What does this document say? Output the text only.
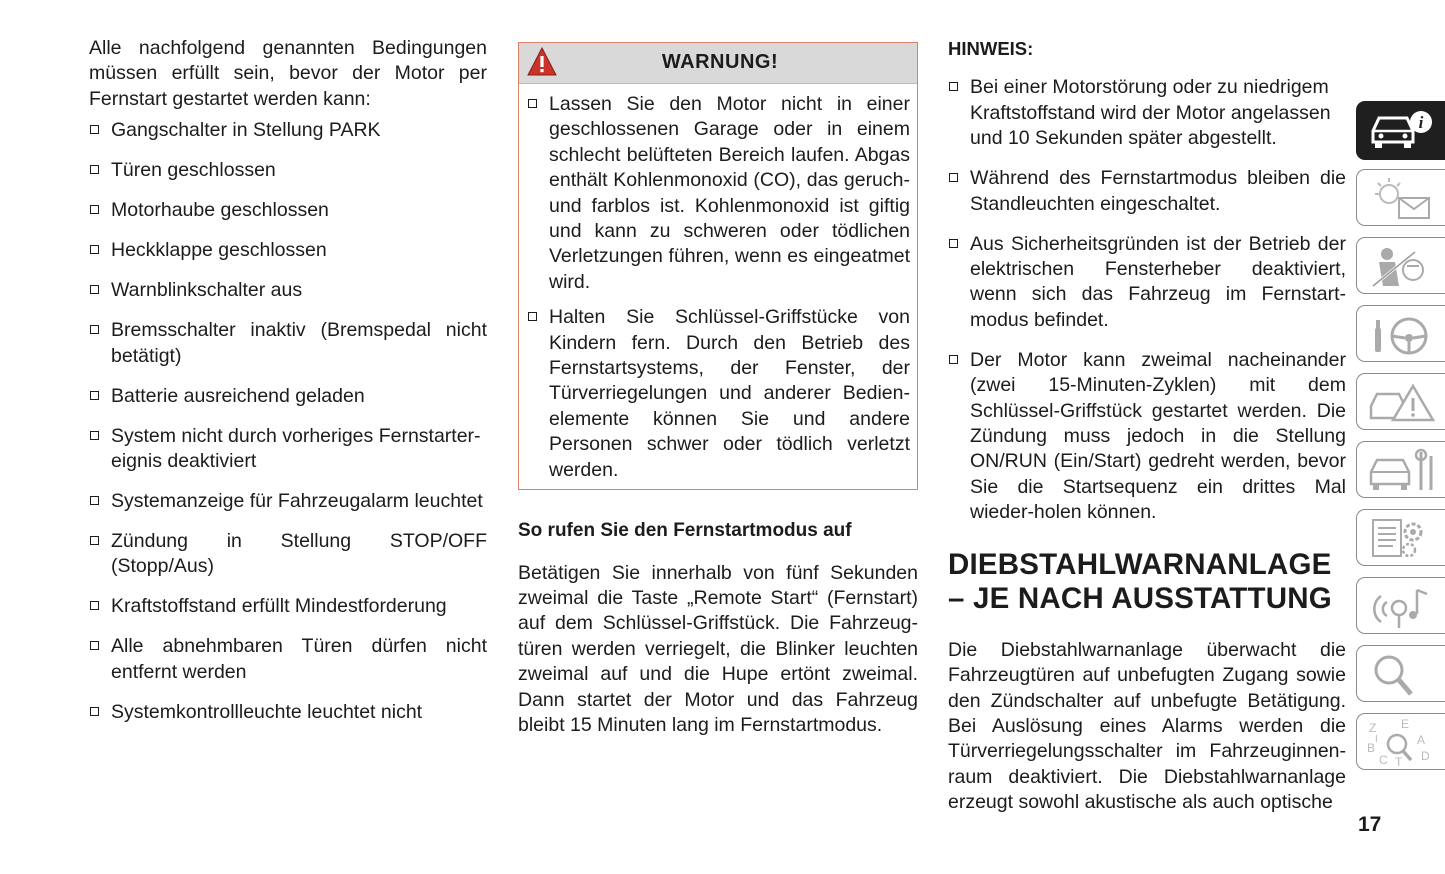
Alle nachfolgend genannten Bedingungen müssen erfüllt sein, bevor der Motor per Fernstart gestartet werden kann:

Gangschalter in Stellung PARK
Türen geschlossen
Motorhaube geschlossen
Heckklappe geschlossen
Warnblinkschalter aus
Bremsschalter inaktiv (Bremspedal nicht betätigt)
Batterie ausreichend geladen
System nicht durch vorheriges Fernstarter-eignis deaktiviert
Systemanzeige für Fahrzeugalarm leuchtet
Zündung in Stellung STOP/OFF (Stopp/Aus)
Kraftstoffstand erfüllt Mindestforderung
Alle abnehmbaren Türen dürfen nicht entfernt werden
Systemkontrollleuchte leuchtet nicht
WARNUNG!
Lassen Sie den Motor nicht in einer geschlossenen Garage oder in einem schlecht belüfteten Bereich laufen. Abgas enthält Kohlenmonoxid (CO), das geruch- und farblos ist. Kohlenmonoxid ist giftig und kann zu schweren oder tödlichen Verletzungen führen, wenn es eingeatmet wird.
Halten Sie Schlüssel-Griffstücke von Kindern fern. Durch den Betrieb des Fernstartsystems, der Fenster, der Türverriegelungen und anderer Bedien-elemente können Sie und andere Personen schwer oder tödlich verletzt werden.
So rufen Sie den Fernstartmodus auf

Betätigen Sie innerhalb von fünf Sekunden zweimal die Taste „Remote Start“ (Fernstart) auf dem Schlüssel-Griffstück. Die Fahrzeug-türen werden verriegelt, die Blinker leuchten zweimal auf und die Hupe ertönt zweimal. Dann startet der Motor und das Fahrzeug bleibt 15 Minuten lang im Fernstartmodus.

HINWEIS:
Bei einer Motorstörung oder zu niedrigem Kraftstoffstand wird der Motor angelassen und 10 Sekunden später abgestellt.
Während des Fernstartmodus bleiben die Standleuchten eingeschaltet.
Aus Sicherheitsgründen ist der Betrieb der elektrischen Fensterheber deaktiviert, wenn sich das Fahrzeug im Fernstart-modus befindet.
Der Motor kann zweimal nacheinander (zwei 15-Minuten-Zyklen) mit dem Schlüssel-Griffstück gestartet werden. Die Zündung muss jedoch in die Stellung ON/RUN (Ein/Start) gedreht werden, bevor Sie die Startsequenz ein drittes Mal wieder-holen können.
DIEBSTAHLWARNANLAGE
– JE NACH AUSSTATTUNG

Die Diebstahlwarnanlage überwacht die Fahrzeugtüren auf unbefugten Zugang sowie den Zündschalter auf unbefugte Betätigung. Bei Auslösung eines Alarms werden die Türverriegelungsschalter im Fahrzeuginnen-raum deaktiviert. Die Diebstahlwarnanlage erzeugt sowohl akustische als auch optische

i
Z E
A
B
C T D
I
17
